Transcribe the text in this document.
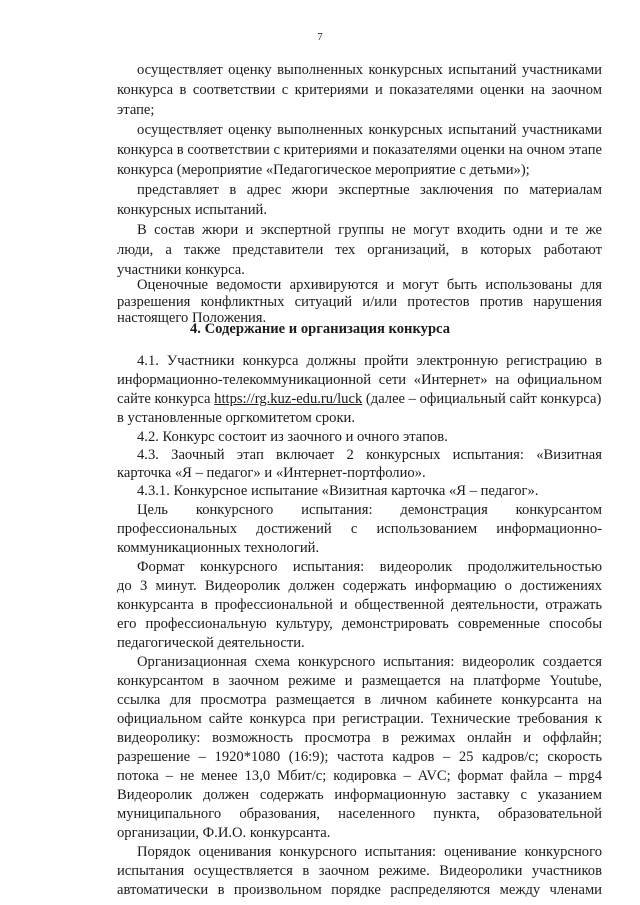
7
осуществляет оценку выполненных конкурсных испытаний участниками
конкурса в соответствии с критериями и показателями оценки на заочном
этапе;
осуществляет оценку выполненных конкурсных испытаний участниками
конкурса в соответствии с критериями и показателями оценки на очном этапе
конкурса (мероприятие «Педагогическое мероприятие с детьми»);
представляет в адрес жюри экспертные заключения по материалам
конкурсных испытаний.
В состав жюри и экспертной группы не могут входить одни и те же
люди, а также представители тех организаций, в которых работают
участники конкурса.
Оценочные ведомости архивируются и могут быть использованы для
разрешения конфликтных ситуаций и/или протестов против нарушения
настоящего Положения.
4. Содержание и организация конкурса
4.1. Участники конкурса должны пройти электронную регистрацию в
информационно-телекоммуникационной сети «Интернет» на официальном
сайте конкурса https://rg.kuz-edu.ru/luck (далее – официальный сайт конкурса)
в установленные оргкомитетом сроки.
4.2. Конкурс состоит из заочного и очного этапов.
4.3. Заочный этап включает 2 конкурсных испытания: «Визитная
карточка «Я – педагог» и «Интернет-портфолио».
4.3.1. Конкурсное испытание «Визитная карточка «Я – педагог».
Цель конкурсного испытания: демонстрация конкурсантом
профессиональных достижений с использованием информационно-
коммуникационных технологий.
Формат конкурсного испытания: видеоролик продолжительностью
до 3 минут. Видеоролик должен содержать информацию о достижениях
конкурсанта в профессиональной и общественной деятельности, отражать
его профессиональную культуру, демонстрировать современные способы
педагогической деятельности.
Организационная схема конкурсного испытания: видеоролик создается
конкурсантом в заочном режиме и размещается на платформе Youtube,
ссылка для просмотра размещается в личном кабинете конкурсанта на
официальном сайте конкурса при регистрации. Технические требования к
видеоролику: возможность просмотра в режимах онлайн и оффлайн;
разрешение – 1920*1080 (16:9); частота кадров – 25 кадров/с; скорость
потока – не менее 13,0 Мбит/с; кодировка – AVC; формат файла – mpg4
Видеоролик должен содержать информационную заставку с указанием
муниципального образования, населенного пункта, образовательной
организации, Ф.И.О. конкурсанта.
Порядок оценивания конкурсного испытания: оценивание конкурсного
испытания осуществляется в заочном режиме. Видеоролики участников
автоматически в произвольном порядке распределяются между членами
